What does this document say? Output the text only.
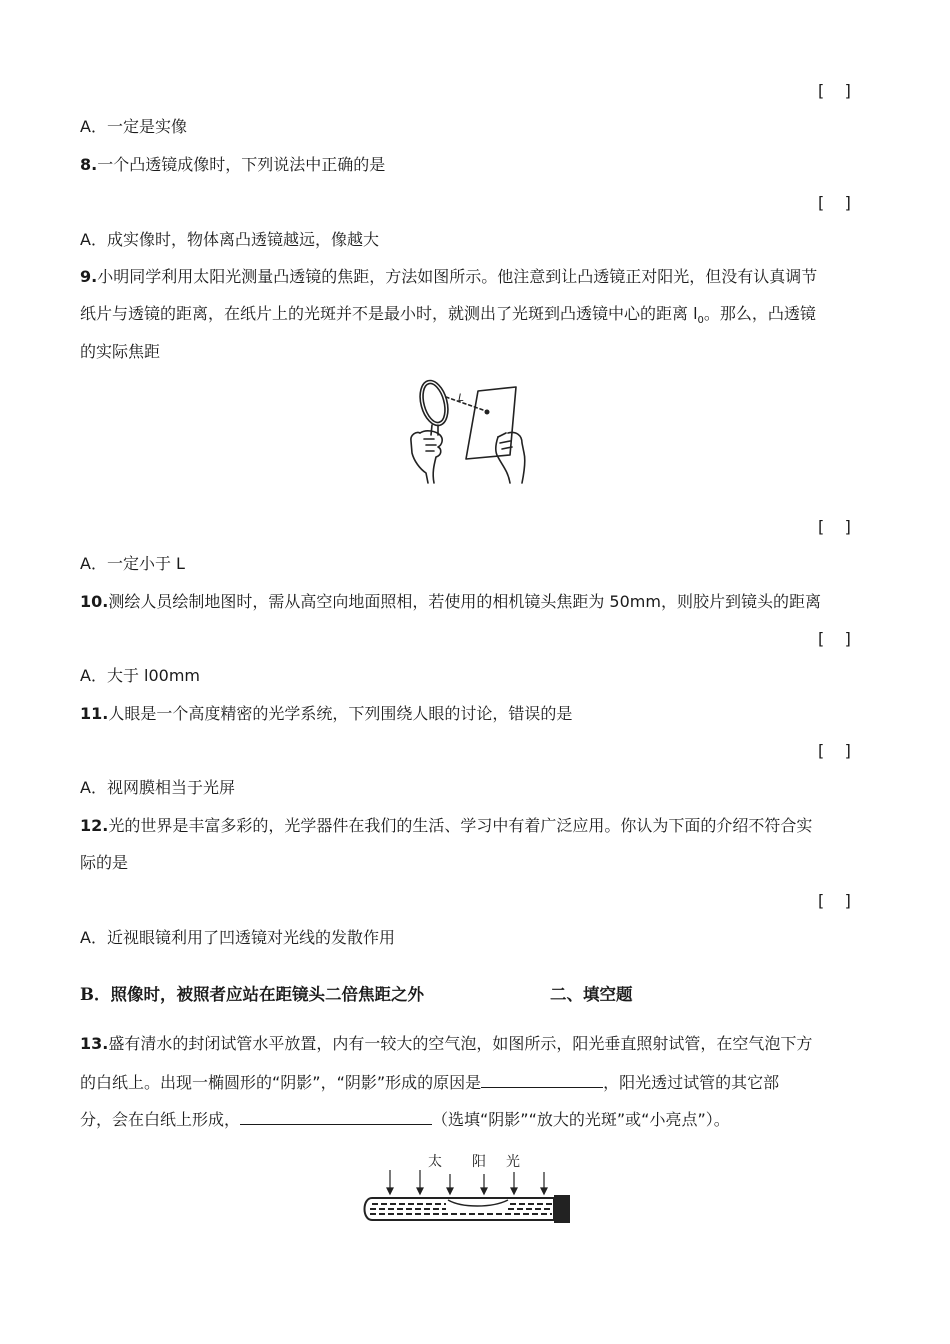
[    ]
A．一定是实像
8.一个凸透镜成像时，下列说法中正确的是
[    ]
A．成实像时，物体离凸透镜越远，像越大
9.小明同学利用太阳光测量凸透镜的焦距，方法如图所示。他注意到让凸透镜正对阳光，但没有认真调节
纸片与透镜的距离，在纸片上的光斑并不是最小时，就测出了光斑到凸透镜中心的距离 $l_0$。那么，凸透镜
的实际焦距
L
[    ]
A．一定小于 L
10.测绘人员绘制地图时，需从高空向地面照相，若使用的相机镜头焦距为 50mm，则胶片到镜头的距离
[    ]
A．大于 l00mm
11.人眼是一个高度精密的光学系统，下列围绕人眼的讨论，错误的是
[    ]
A．视网膜相当于光屏
12.光的世界是丰富多彩的，光学器件在我们的生活、学习中有着广泛应用。你认为下面的介绍不符合实
际的是
[    ]
A．近视眼镜利用了凹透镜对光线的发散作用
B．照像时，被照者应站在距镜头二倍焦距之外	二、填空题
13.盛有清水的封闭试管水平放置，内有一较大的空气泡，如图所示，阳光垂直照射试管，在空气泡下方
的白纸上。出现一椭圆形的“阴影”，“阴影”形成的原因是	，阳光透过试管的其它部
分，会在白纸上形成，	（选填“阴影”“放大的光斑”或“小亮点”）。
太 阳 光
